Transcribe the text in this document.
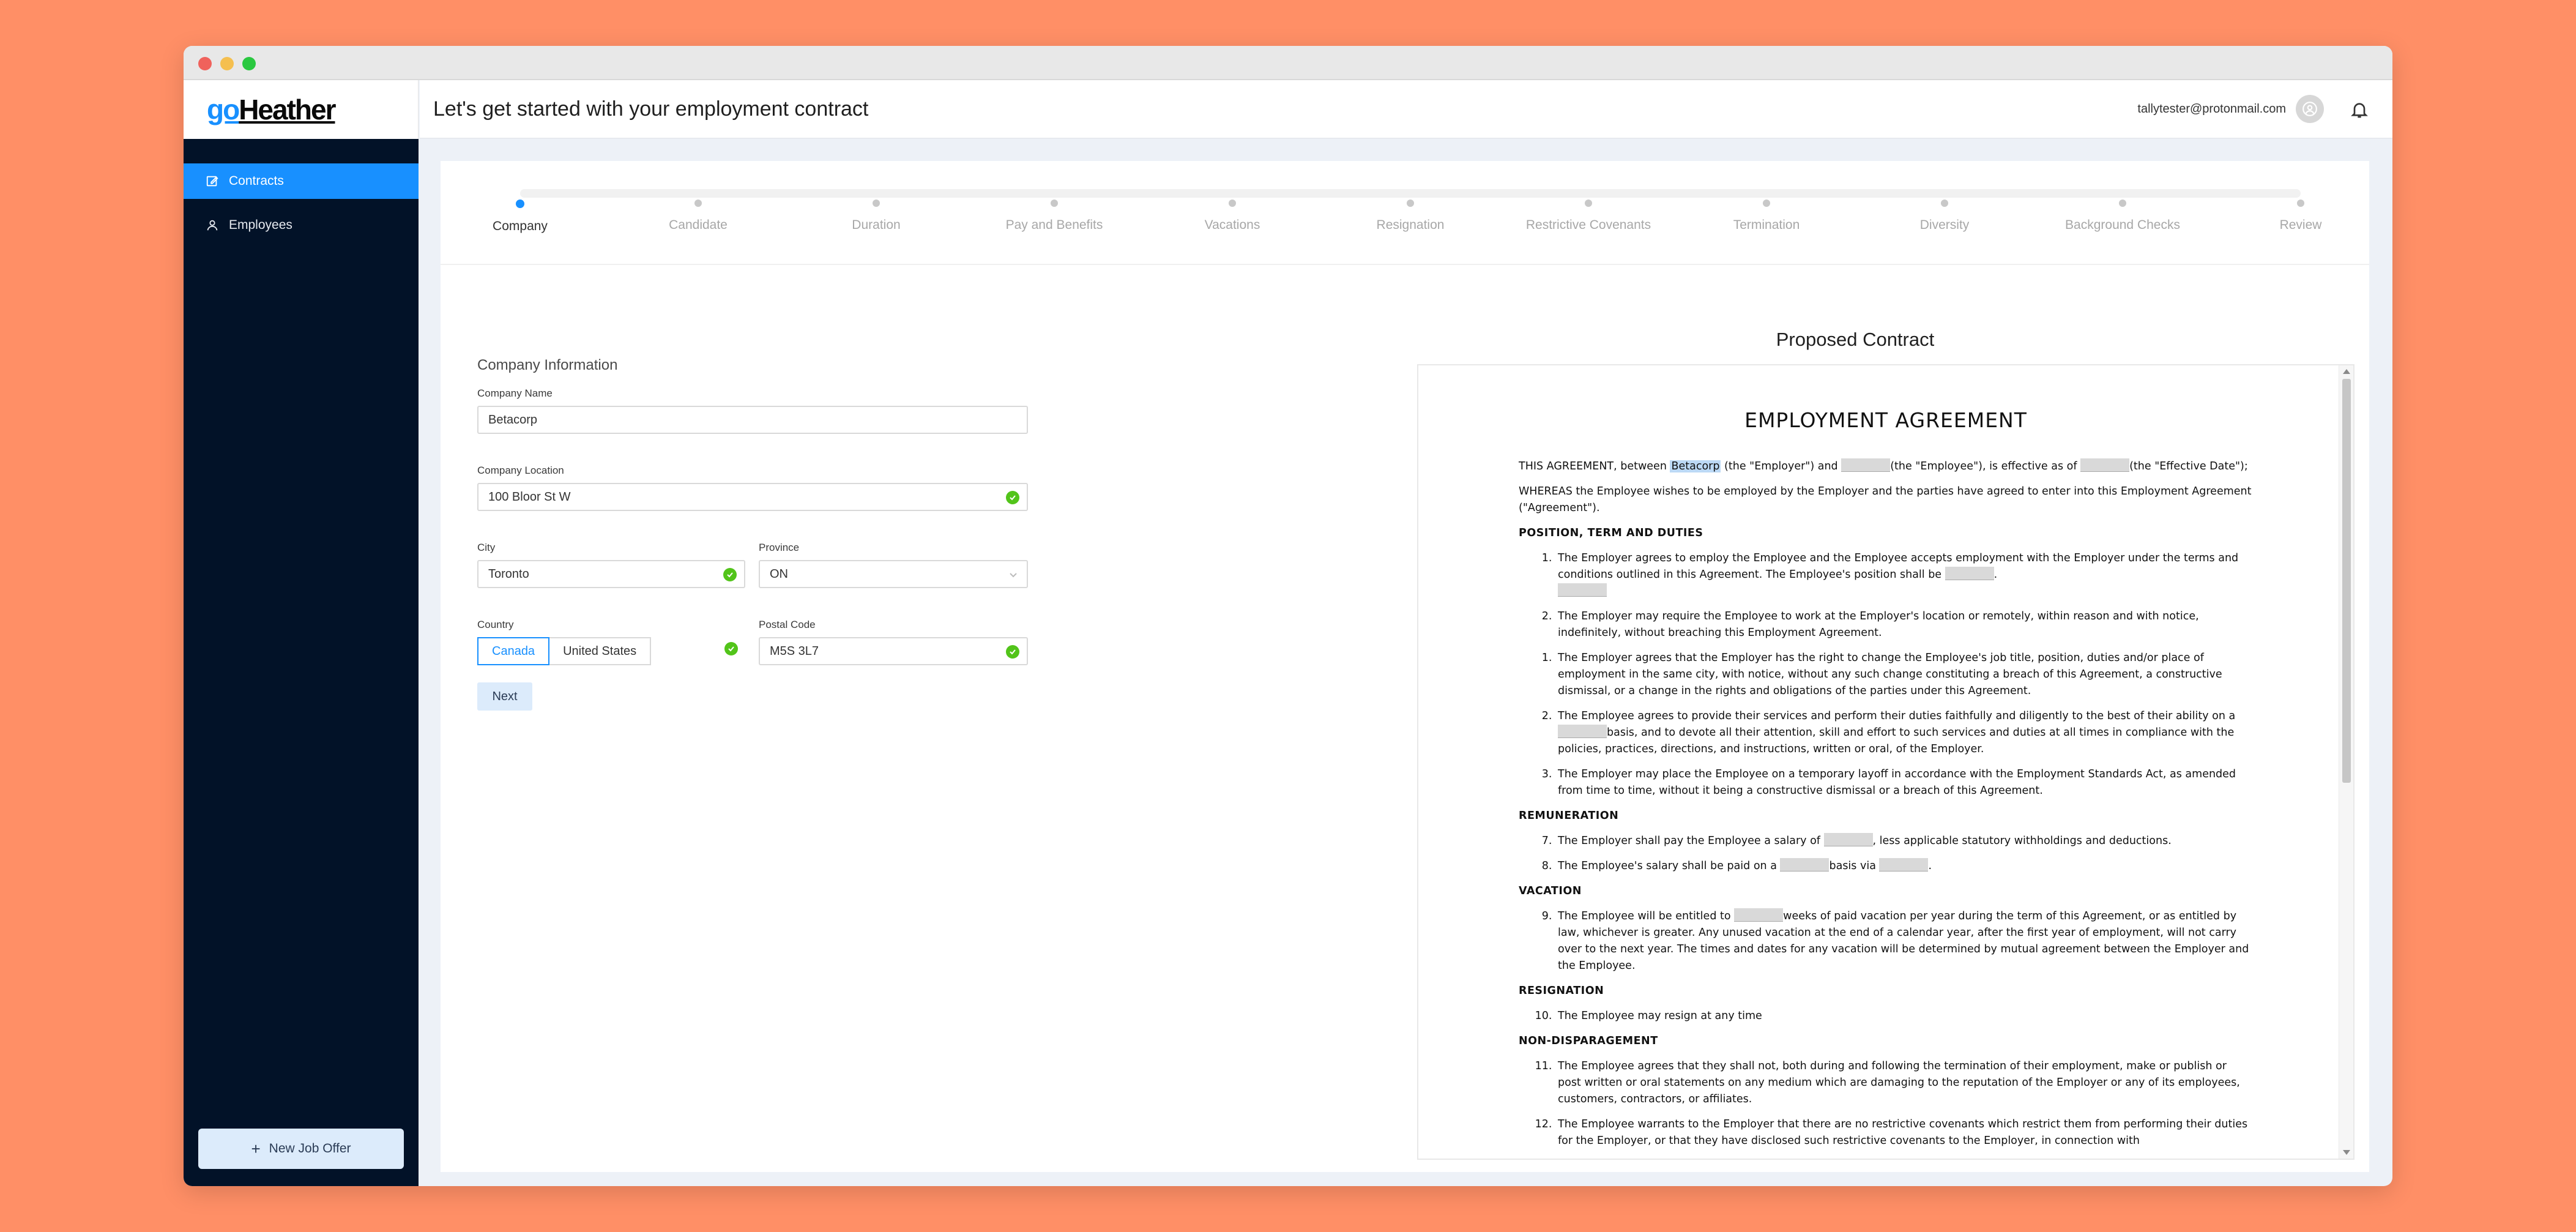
goHeather
Contracts
Employees
+ New Job Offer
Let's get started with your employment contract	tallytester@protonmail.com
Company	Candidate	Duration	Pay and Benefits	Vacations	Resignation	Restrictive Covenants	Termination	Diversity	Background Checks	Review
Company Information
Company Name
Betacorp
Company Location
100 Bloor St W
City
Toronto
Province
ON
Country
Canada United States
Postal Code
M5S 3L7
Next
Proposed Contract
EMPLOYMENT AGREEMENT

THIS AGREEMENT, between Betacorp (the "Employer") and	(the "Employee"), is effective as of	(the "Effective Date");

WHEREAS the Employee wishes to be employed by the Employer and the parties have agreed to enter into this Employment Agreement ("Agreement").

POSITION, TERM AND DUTIES
1. The Employer agrees to employ the Employee and the Employee accepts employment with the Employer under the terms and conditions outlined in this Agreement. The Employee's position shall be	.

2. The Employer may require the Employee to work at the Employer's location or remotely, within reason and with notice, indefinitely, without breaching this Employment Agreement.
1. The Employer agrees that the Employer has the right to change the Employee's job title, position, duties and/or place of employment in the same city, with notice, without any such change constituting a breach of this Agreement, a constructive dismissal, or a change in the rights and obligations of the parties under this Agreement.
2. The Employee agrees to provide their services and perform their duties faithfully and diligently to the best of their ability on a basis, and to devote all their attention, skill and effort to such services and duties at all times in compliance with the policies, practices, directions, and instructions, written or oral, of the Employer.
3. The Employer may place the Employee on a temporary layoff in accordance with the Employment Standards Act, as amended from time to time, without it being a constructive dismissal or a breach of this Agreement.
REMUNERATION
7. The Employer shall pay the Employee a salary of	, less applicable statutory withholdings and deductions.
8. The Employee's salary shall be paid on a	basis via	.
VACATION
9. The Employee will be entitled to	weeks of paid vacation per year during the term of this Agreement, or as entitled by law, whichever is greater. Any unused vacation at the end of a calendar year, after the first year of employment, will not carry over to the next year. The times and dates for any vacation will be determined by mutual agreement between the Employer and the Employee.
RESIGNATION
10. The Employee may resign at any time
NON-DISPARAGEMENT
11. The Employee agrees that they shall not, both during and following the termination of their employment, make or publish or post written or oral statements on any medium which are damaging to the reputation of the Employer or any of its employees, customers, contractors, or affiliates.
12. The Employee warrants to the Employer that there are no restrictive covenants which restrict them from performing their duties for the Employer, or that they have disclosed such restrictive covenants to the Employer, in connection with
